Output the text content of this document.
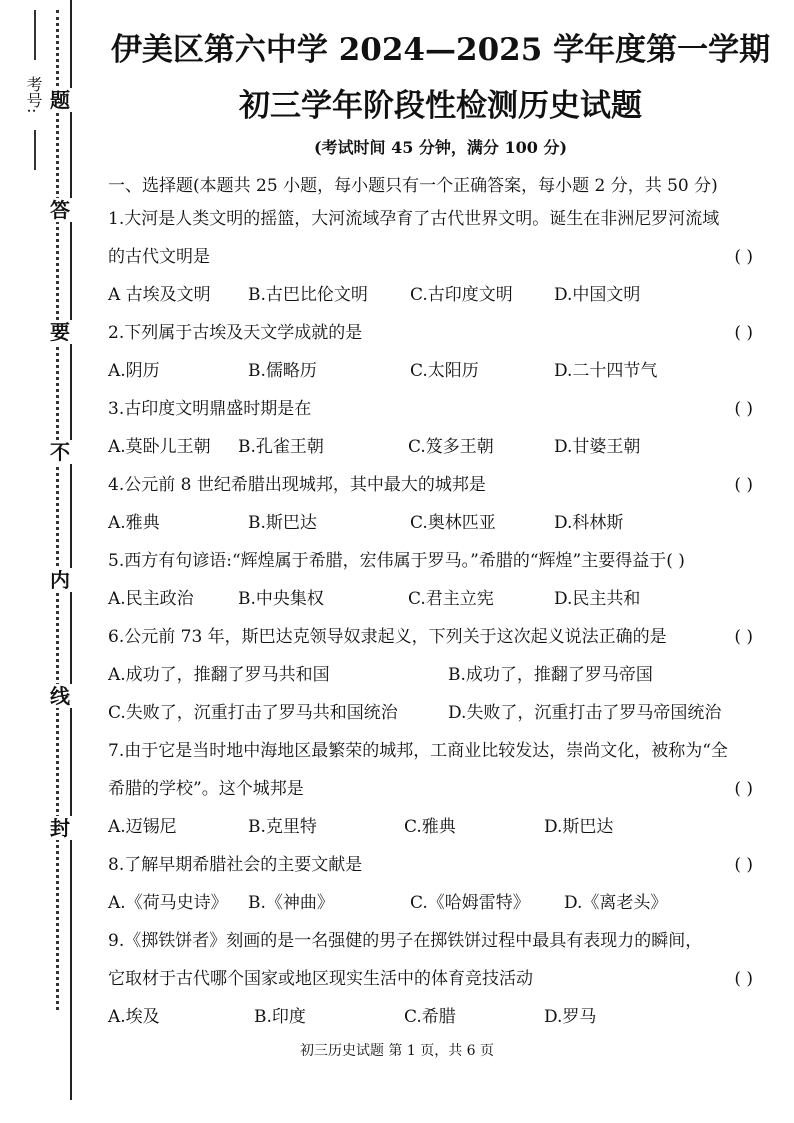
题
答
要
不
内
线
封
考号:
伊美区第六中学 2024—2025 学年度第一学期
初三学年阶段性检测历史试题
(考试时间 45 分钟，满分 100 分)
一、选择题(本题共 25 小题，每小题只有一个正确答案，每小题 2 分，共 50 分)
1.大河是人类文明的摇篮，大河流域孕育了古代世界文明。诞生在非洲尼罗河流域
的古代文明是	( )
A 古埃及文明 B.古巴比伦文明 C.古印度文明 D.中国文明
2.下列属于古埃及天文学成就的是	( )
A.阴历	B.儒略历	C.太阳历	D.二十四节气
3.古印度文明鼎盛时期是在	( )
A.莫卧儿王朝 B.孔雀王朝	C.笈多王朝	D.甘婆王朝
4.公元前 8 世纪希腊出现城邦，其中最大的城邦是	( )
A.雅典	B.斯巴达	C.奥林匹亚	D.科林斯
5.西方有句谚语:“辉煌属于希腊，宏伟属于罗马。”希腊的“辉煌”主要得益于( )
A.民主政治	B.中央集权	C.君主立宪	D.民主共和
6.公元前 73 年，斯巴达克领导奴隶起义，下列关于这次起义说法正确的是	( )
A.成功了，推翻了罗马共和国	B.成功了，推翻了罗马帝国
C.失败了，沉重打击了罗马共和国统治	D.失败了，沉重打击了罗马帝国统治
7.由于它是当时地中海地区最繁荣的城邦，工商业比较发达，崇尚文化，被称为“全
希腊的学校”。这个城邦是	( )
A.迈锡尼	B.克里特	C.雅典	D.斯巴达
8.了解早期希腊社会的主要文献是	( )
A.《荷马史诗》 B.《神曲》	C.《哈姆雷特》 D.《离老头》
9.《掷铁饼者》刻画的是一名强健的男子在掷铁饼过程中最具有表现力的瞬间，
它取材于古代哪个国家或地区现实生活中的体育竞技活动	( )
A.埃及	B.印度	C.希腊	D.罗马
初三历史试题 第 1 页，共 6 页
